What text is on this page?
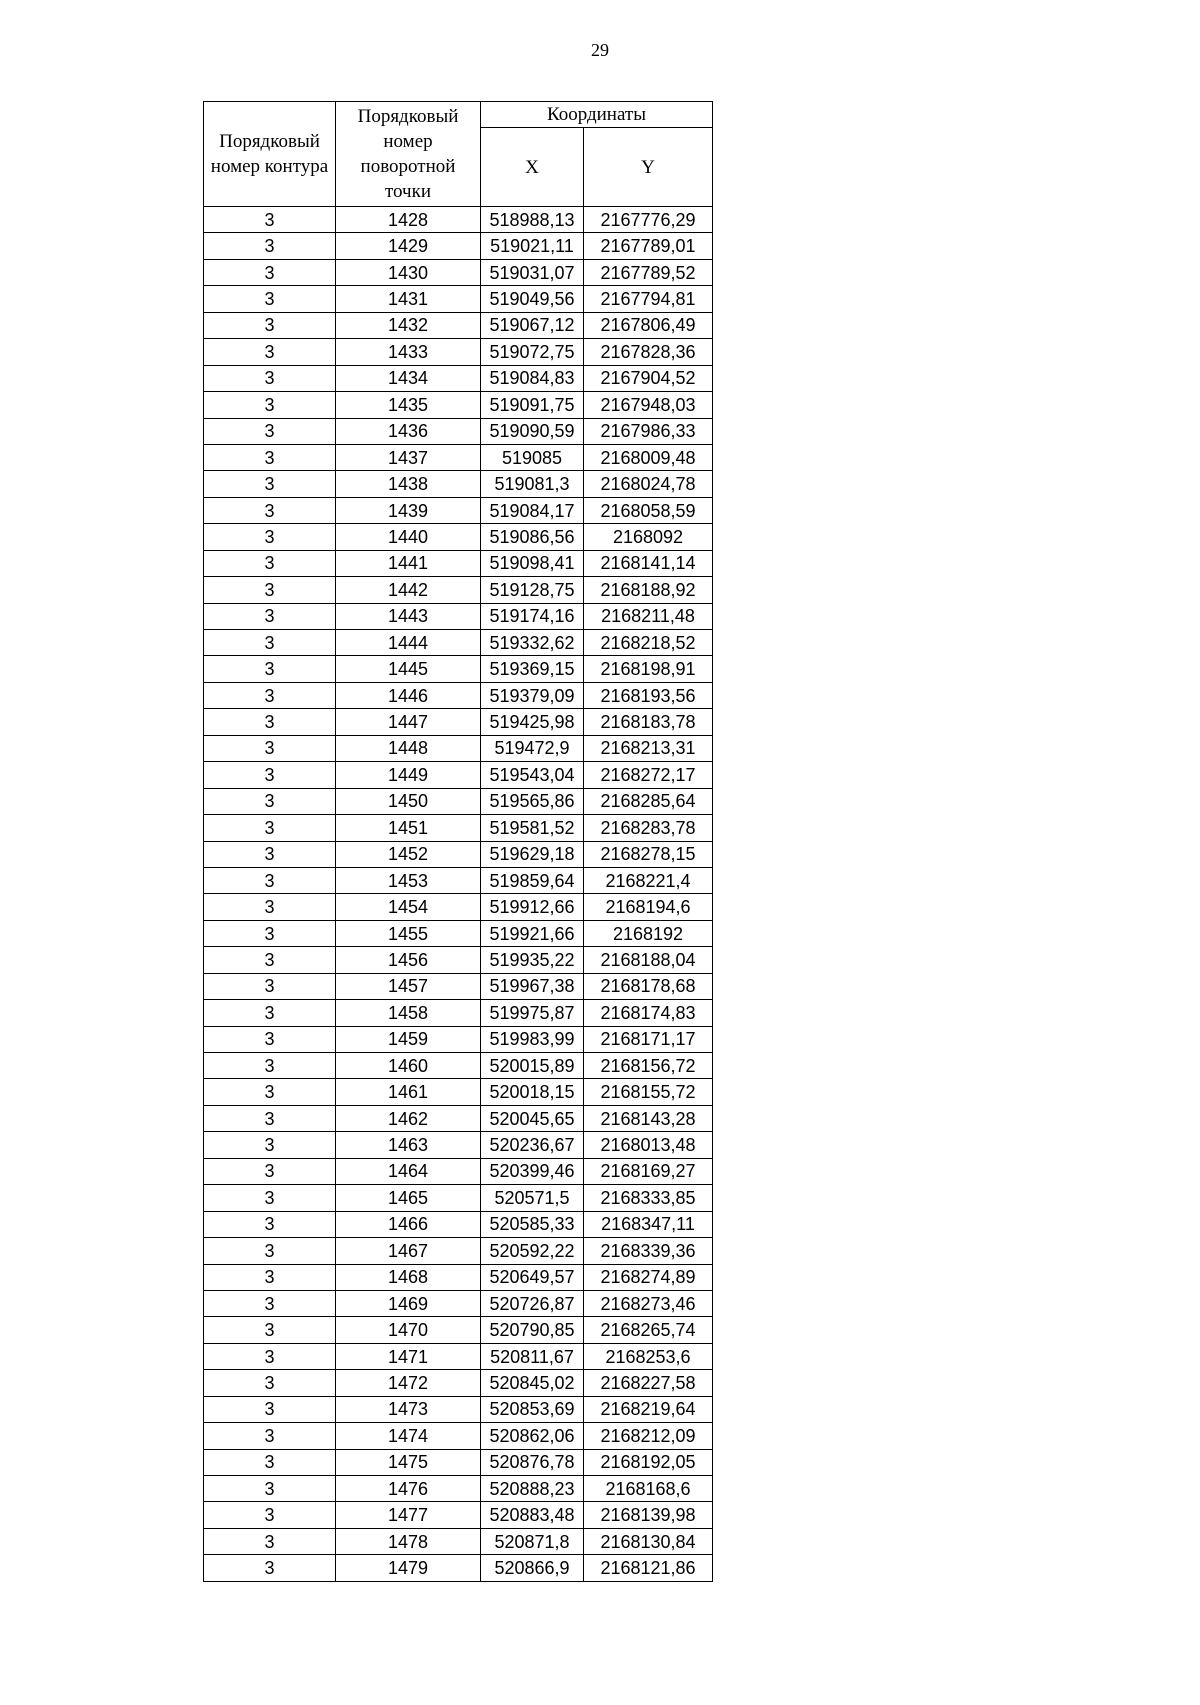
29
Порядковый номер контура	Порядковый номер поворотной точки	Координаты	
		X	Y
3	1428	518988,13	2167776,29
3	1429	519021,11	2167789,01
3	1430	519031,07	2167789,52
3	1431	519049,56	2167794,81
3	1432	519067,12	2167806,49
3	1433	519072,75	2167828,36
3	1434	519084,83	2167904,52
3	1435	519091,75	2167948,03
3	1436	519090,59	2167986,33
3	1437	519085	2168009,48
3	1438	519081,3	2168024,78
3	1439	519084,17	2168058,59
3	1440	519086,56	2168092
3	1441	519098,41	2168141,14
3	1442	519128,75	2168188,92
3	1443	519174,16	2168211,48
3	1444	519332,62	2168218,52
3	1445	519369,15	2168198,91
3	1446	519379,09	2168193,56
3	1447	519425,98	2168183,78
3	1448	519472,9	2168213,31
3	1449	519543,04	2168272,17
3	1450	519565,86	2168285,64
3	1451	519581,52	2168283,78
3	1452	519629,18	2168278,15
3	1453	519859,64	2168221,4
3	1454	519912,66	2168194,6
3	1455	519921,66	2168192
3	1456	519935,22	2168188,04
3	1457	519967,38	2168178,68
3	1458	519975,87	2168174,83
3	1459	519983,99	2168171,17
3	1460	520015,89	2168156,72
3	1461	520018,15	2168155,72
3	1462	520045,65	2168143,28
3	1463	520236,67	2168013,48
3	1464	520399,46	2168169,27
3	1465	520571,5	2168333,85
3	1466	520585,33	2168347,11
3	1467	520592,22	2168339,36
3	1468	520649,57	2168274,89
3	1469	520726,87	2168273,46
3	1470	520790,85	2168265,74
3	1471	520811,67	2168253,6
3	1472	520845,02	2168227,58
3	1473	520853,69	2168219,64
3	1474	520862,06	2168212,09
3	1475	520876,78	2168192,05
3	1476	520888,23	2168168,6
3	1477	520883,48	2168139,98
3	1478	520871,8	2168130,84
3	1479	520866,9	2168121,86
